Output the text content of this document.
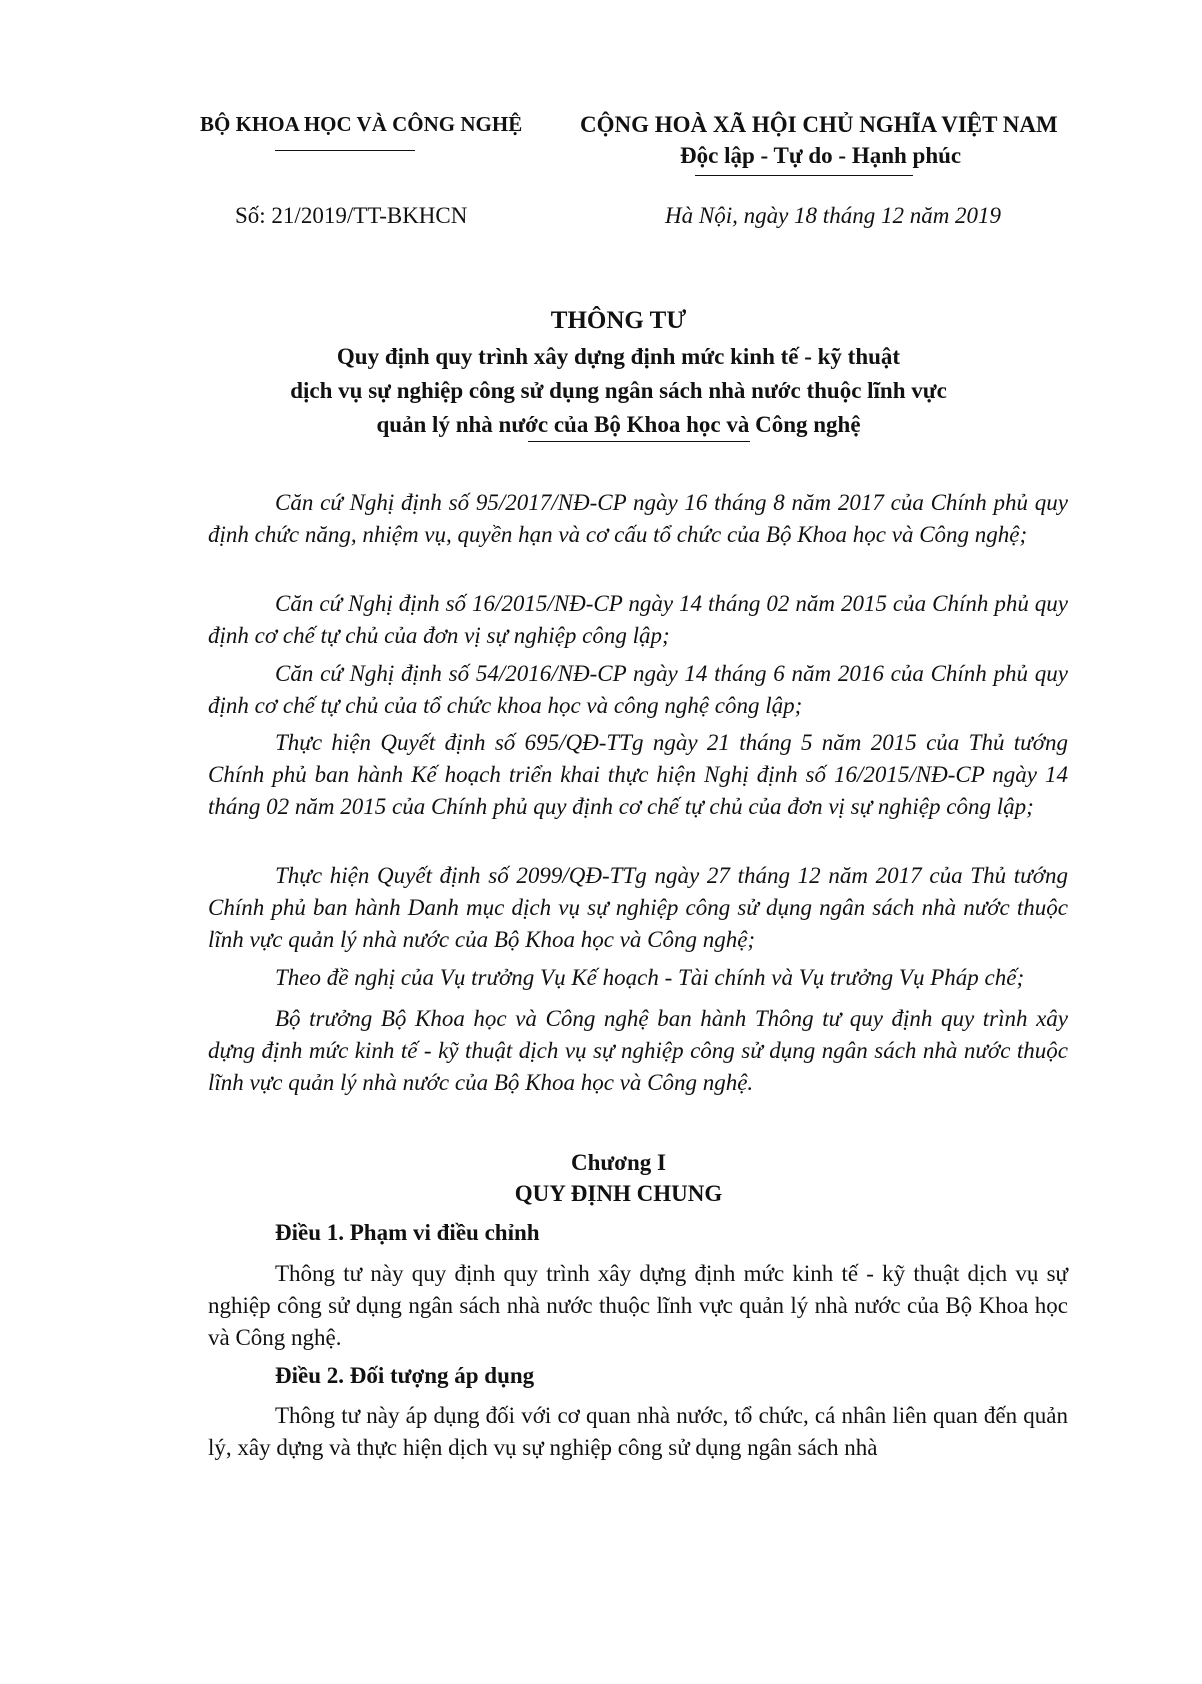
BỘ KHOA HỌC VÀ CÔNG NGHỆ	CỘNG HOÀ XÃ HỘI CHỦ NGHĨA VIỆT NAM
Độc lập - Tự do - Hạnh phúc
Số: 21/2019/TT-BKHCN	Hà Nội, ngày 18 tháng 12 năm 2019
THÔNG TƯ
Quy định quy trình xây dựng định mức kinh tế - kỹ thuật
dịch vụ sự nghiệp công sử dụng ngân sách nhà nước thuộc lĩnh vực
quản lý nhà nước của Bộ Khoa học và Công nghệ
Căn cứ Nghị định số 95/2017/NĐ-CP ngày 16 tháng 8 năm 2017 của Chính phủ quy định chức năng, nhiệm vụ, quyền hạn và cơ cấu tổ chức của Bộ Khoa học và Công nghệ;
Căn cứ Nghị định số 16/2015/NĐ-CP ngày 14 tháng 02 năm 2015 của Chính phủ quy định cơ chế tự chủ của đơn vị sự nghiệp công lập;
Căn cứ Nghị định số 54/2016/NĐ-CP ngày 14 tháng 6 năm 2016 của Chính phủ quy định cơ chế tự chủ của tổ chức khoa học và công nghệ công lập;
Thực hiện Quyết định số 695/QĐ-TTg ngày 21 tháng 5 năm 2015 của Thủ tướng Chính phủ ban hành Kế hoạch triển khai thực hiện Nghị định số 16/2015/NĐ-CP ngày 14 tháng 02 năm 2015 của Chính phủ quy định cơ chế tự chủ của đơn vị sự nghiệp công lập;
Thực hiện Quyết định số 2099/QĐ-TTg ngày 27 tháng 12 năm 2017 của Thủ tướng Chính phủ ban hành Danh mục dịch vụ sự nghiệp công sử dụng ngân sách nhà nước thuộc lĩnh vực quản lý nhà nước của Bộ Khoa học và Công nghệ;
Theo đề nghị của Vụ trưởng Vụ Kế hoạch - Tài chính và Vụ trưởng Vụ Pháp chế;
Bộ trưởng Bộ Khoa học và Công nghệ ban hành Thông tư quy định quy trình xây dựng định mức kinh tế - kỹ thuật dịch vụ sự nghiệp công sử dụng ngân sách nhà nước thuộc lĩnh vực quản lý nhà nước của Bộ Khoa học và Công nghệ.
Chương I
QUY ĐỊNH CHUNG
Điều 1. Phạm vi điều chỉnh
Thông tư này quy định quy trình xây dựng định mức kinh tế - kỹ thuật dịch vụ sự nghiệp công sử dụng ngân sách nhà nước thuộc lĩnh vực quản lý nhà nước của Bộ Khoa học và Công nghệ.
Điều 2. Đối tượng áp dụng
Thông tư này áp dụng đối với cơ quan nhà nước, tổ chức, cá nhân liên quan đến quản lý, xây dựng và thực hiện dịch vụ sự nghiệp công sử dụng ngân sách nhà
